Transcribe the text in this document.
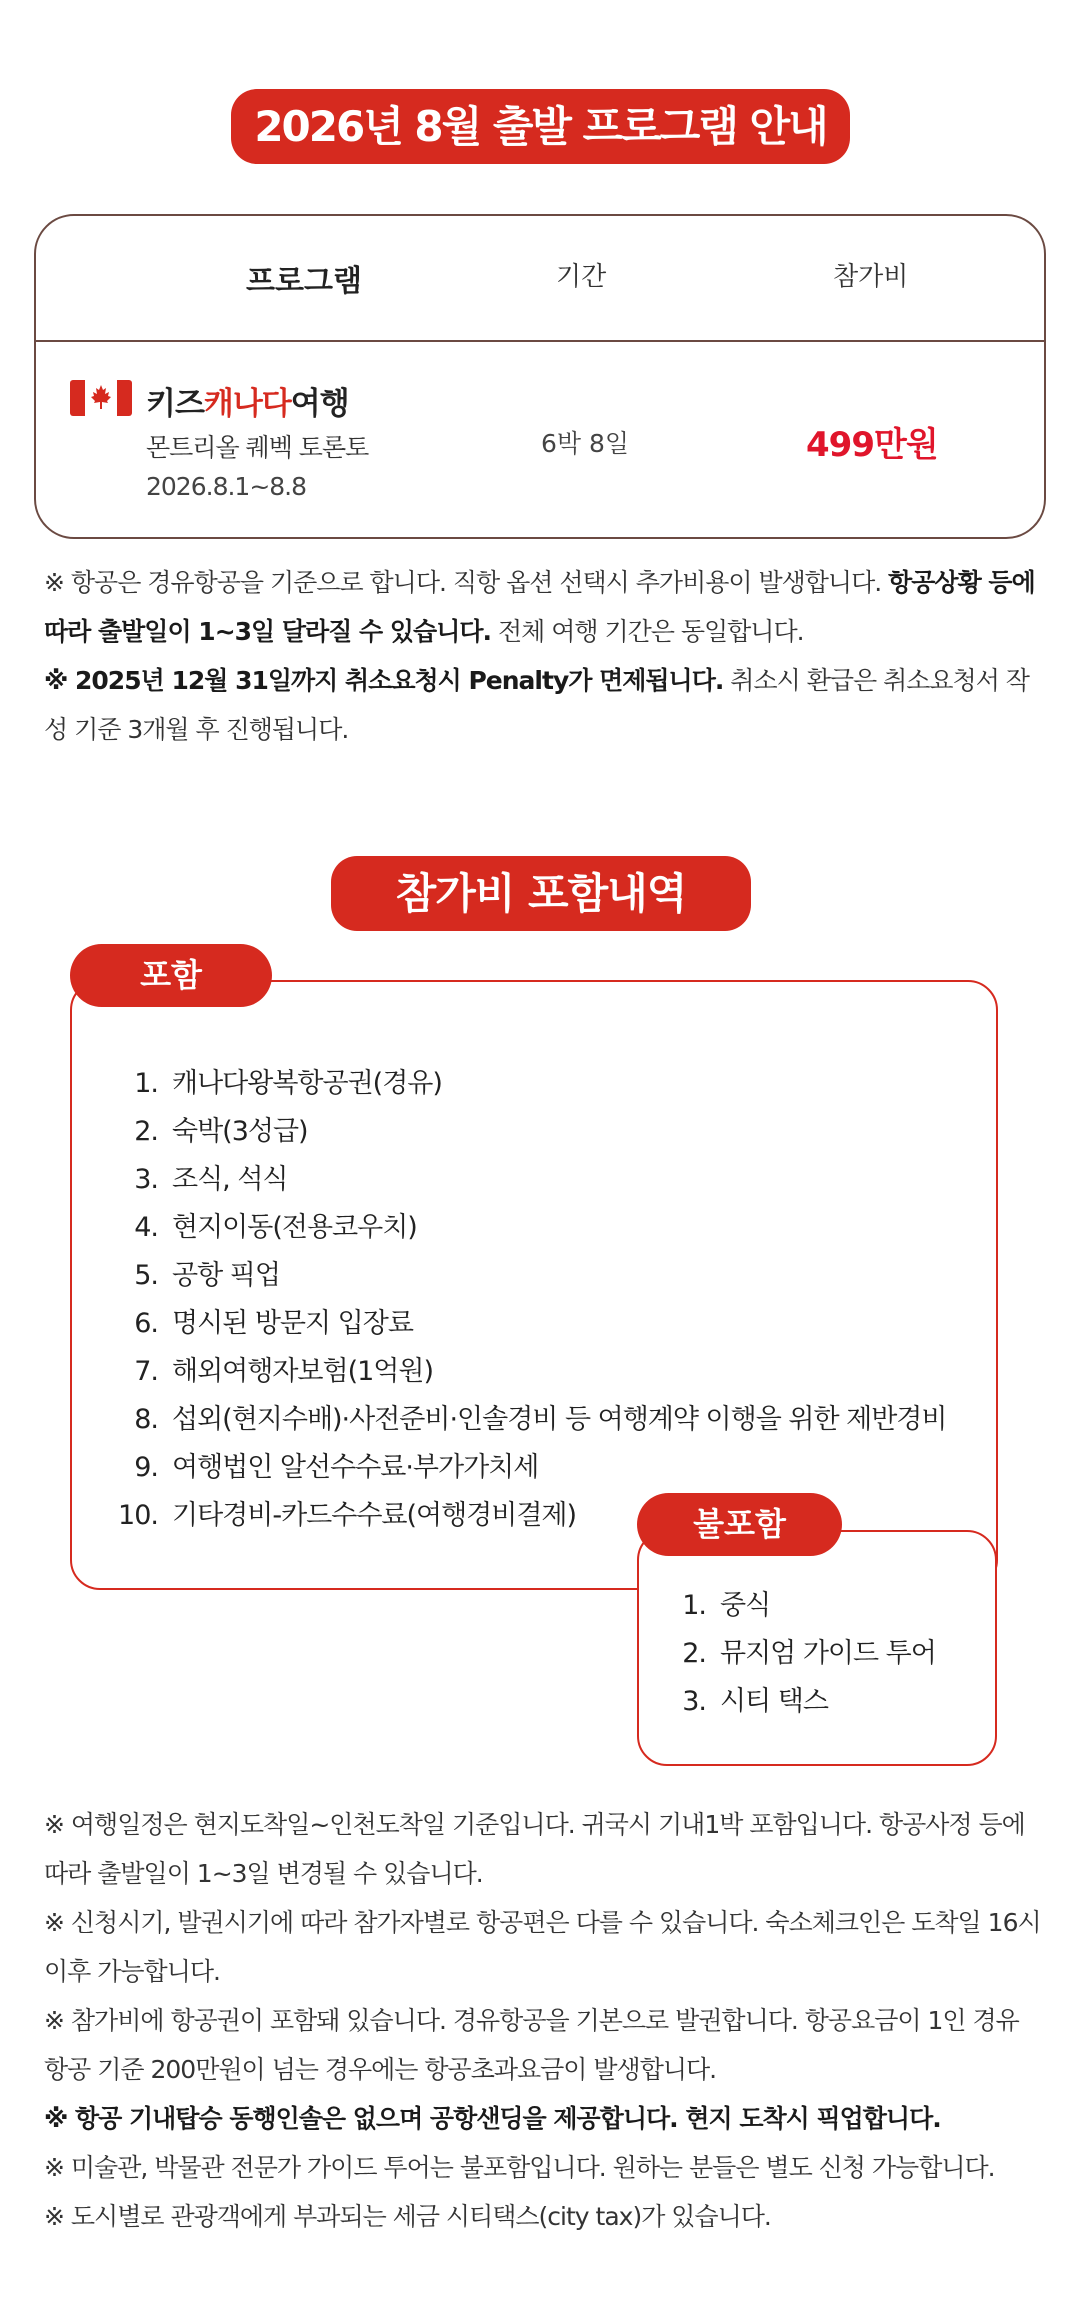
2026년 8월 출발 프로그램 안내
프로그램	기간	참가비
키즈캐나다여행
몬트리올 퀘벡 토론토
2026.8.1~8.8
6박 8일	499만원

※ 항공은 경유항공을 기준으로 합니다. 직항 옵션 선택시 추가비용이 발생합니다. 항공상황 등에 따라 출발일이 1~3일 달라질 수 있습니다. 전체 여행 기간은 동일합니다.

※ 2025년 12월 31일까지 취소요청시 Penalty가 면제됩니다. 취소시 환급은 취소요청서 작성 기준 3개월 후 진행됩니다.

참가비 포함내역
포함
1. 캐나다왕복항공권(경유)
2. 숙박(3성급)
3. 조식, 석식
4. 현지이동(전용코우치)
5. 공항 픽업
6. 명시된 방문지 입장료
7. 해외여행자보험(1억원)
8. 섭외(현지수배)·사전준비·인솔경비 등 여행계약 이행을 위한 제반경비
9. 여행법인 알선수수료·부가가치세
10. 기타경비-카드수수료(여행경비결제)	불포함
1. 중식
2. 뮤지엄 가이드 투어
3. 시티 택스

※ 여행일정은 현지도착일~인천도착일 기준입니다. 귀국시 기내1박 포함입니다. 항공사정 등에 따라 출발일이 1~3일 변경될 수 있습니다.

※ 신청시기, 발권시기에 따라 참가자별로 항공편은 다를 수 있습니다. 숙소체크인은 도착일 16시 이후 가능합니다.

※ 참가비에 항공권이 포함돼 있습니다. 경유항공을 기본으로 발권합니다. 항공요금이 1인 경유 항공 기준 200만원이 넘는 경우에는 항공초과요금이 발생합니다.

※ 항공 기내탑승 동행인솔은 없으며 공항샌딩을 제공합니다. 현지 도착시 픽업합니다.

※ 미술관, 박물관 전문가 가이드 투어는 불포함입니다. 원하는 분들은 별도 신청 가능합니다.

※ 도시별로 관광객에게 부과되는 세금 시티택스(city tax)가 있습니다.
